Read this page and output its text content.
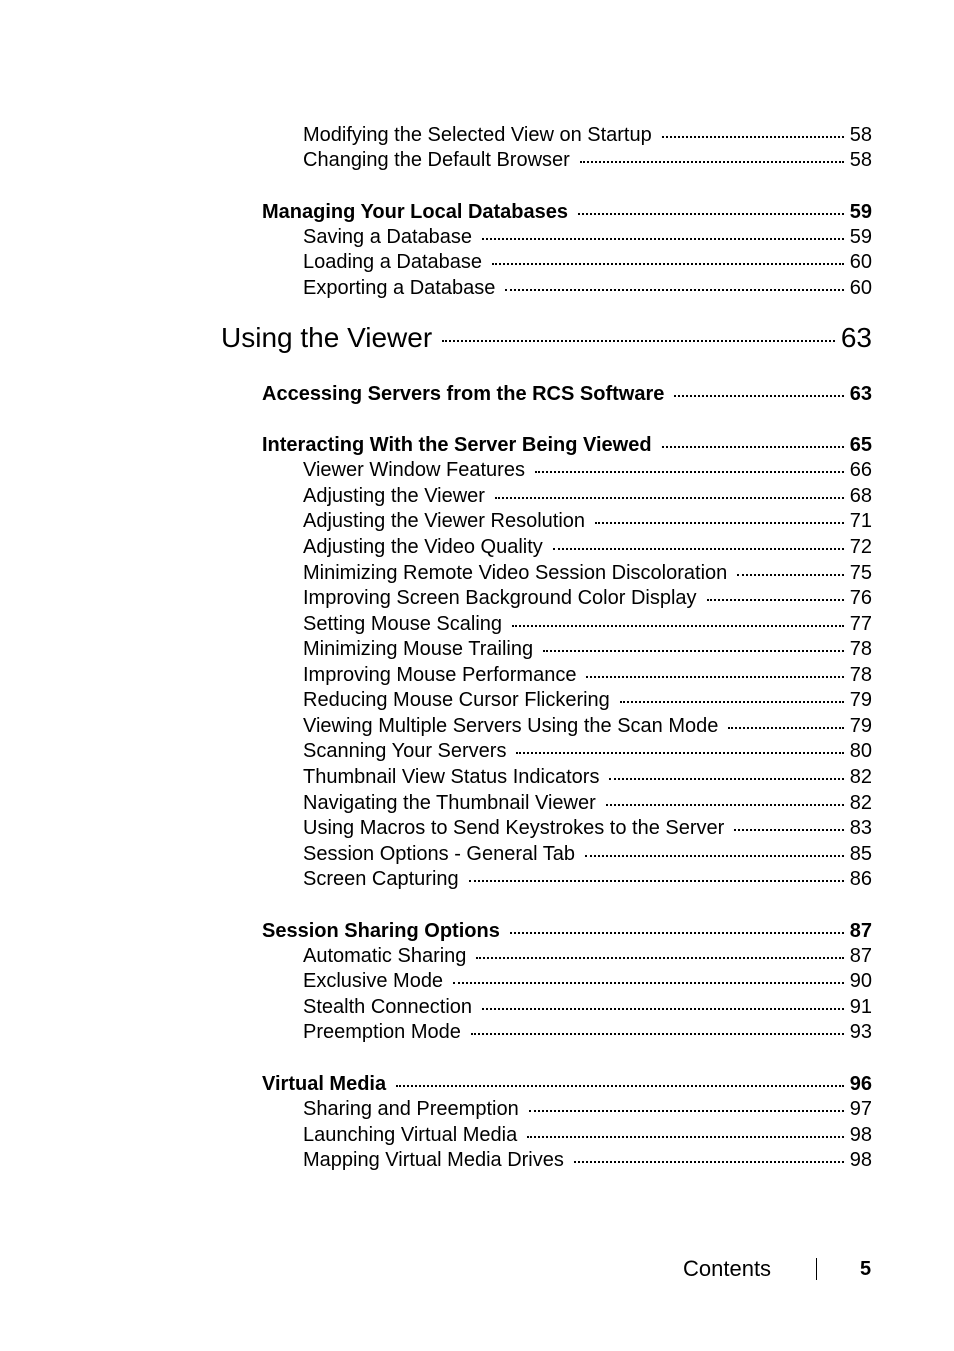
Modifying the Selected View on Startup	58
Changing the Default Browser	58
Managing Your Local Databases	59
Saving a Database	59
Loading a Database	60
Exporting a Database	60
Using the Viewer	63
Accessing Servers from the RCS Software	63
Interacting With the Server Being Viewed	65
Viewer Window Features	66
Adjusting the Viewer	68
Adjusting the Viewer Resolution	71
Adjusting the Video Quality	72
Minimizing Remote Video Session Discoloration	75
Improving Screen Background Color Display	76
Setting Mouse Scaling	77
Minimizing Mouse Trailing	78
Improving Mouse Performance	78
Reducing Mouse Cursor Flickering	79
Viewing Multiple Servers Using the Scan Mode	79
Scanning Your Servers	80
Thumbnail View Status Indicators	82
Navigating the Thumbnail Viewer	82
Using Macros to Send Keystrokes to the Server	83
Session Options - General Tab	85
Screen Capturing	86
Session Sharing Options	87
Automatic Sharing	87
Exclusive Mode	90
Stealth Connection	91
Preemption Mode	93
Virtual Media	96
Sharing and Preemption	97
Launching Virtual Media	98
Mapping Virtual Media Drives	98
Contents	5
